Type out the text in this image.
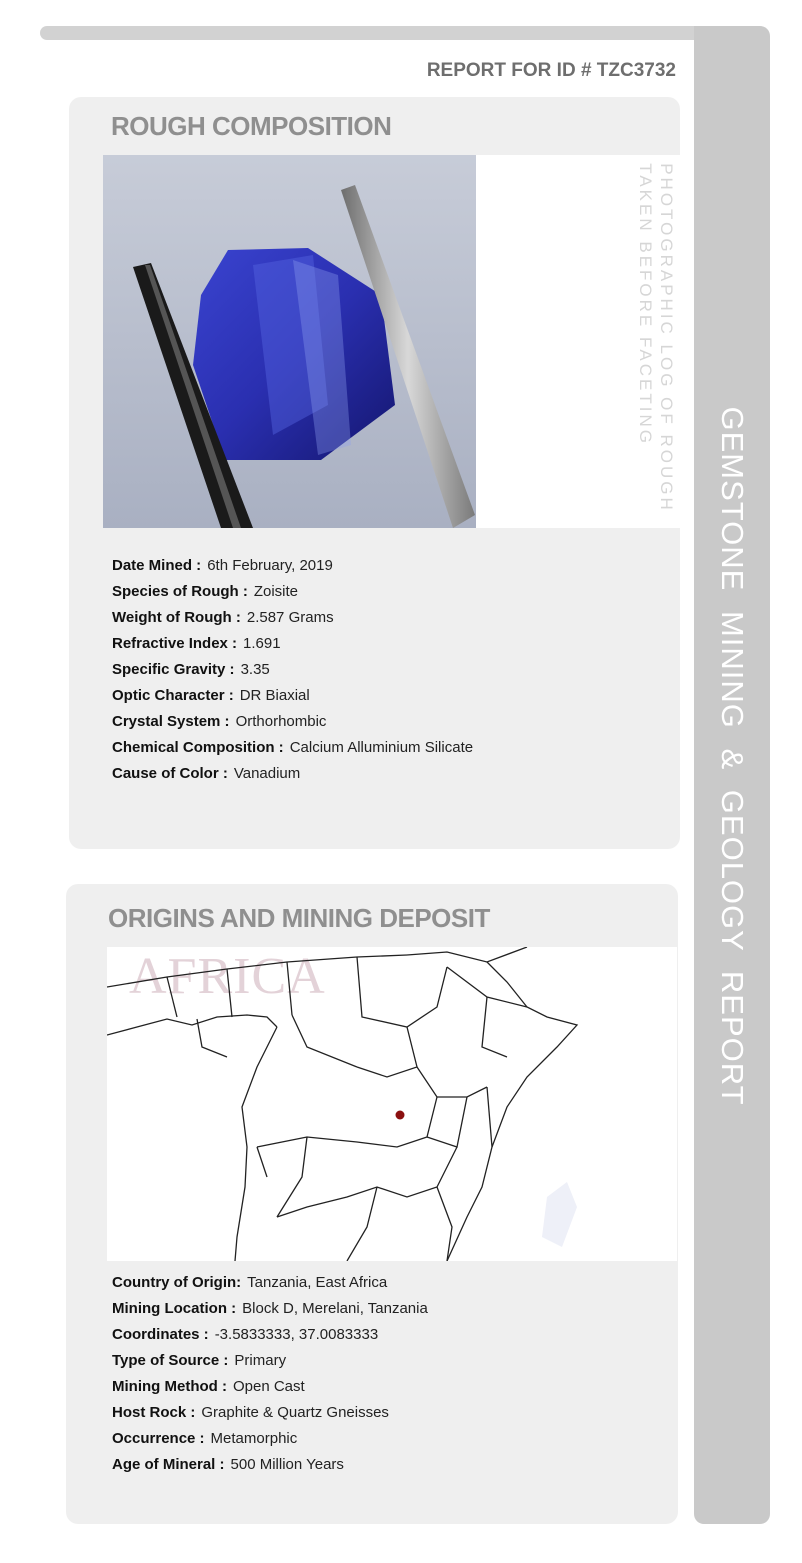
GEMSTONE MINING & GEOLOGY REPORT
REPORT FOR ID # TZC3732
ROUGH COMPOSITION
PHOTOGRAPHIC LOG OF ROUGH
TAKEN BEFORE FACETING
Date Mined : 6th February, 2019
Species of Rough : Zoisite
Weight of Rough : 2.587 Grams
Refractive Index : 1.691
Specific Gravity : 3.35
Optic Character : DR Biaxial
Crystal System : Orthorhombic
Chemical Composition : Calcium Alluminium Silicate
Cause of Color : Vanadium
ORIGINS AND MINING DEPOSIT
AFRICA
Country of Origin: Tanzania, East Africa
Mining Location : Block D, Merelani, Tanzania
Coordinates : -3.5833333, 37.0083333
Type of Source : Primary
Mining Method : Open Cast
Host Rock : Graphite & Quartz Gneisses
Occurrence : Metamorphic
Age of Mineral : 500 Million Years
